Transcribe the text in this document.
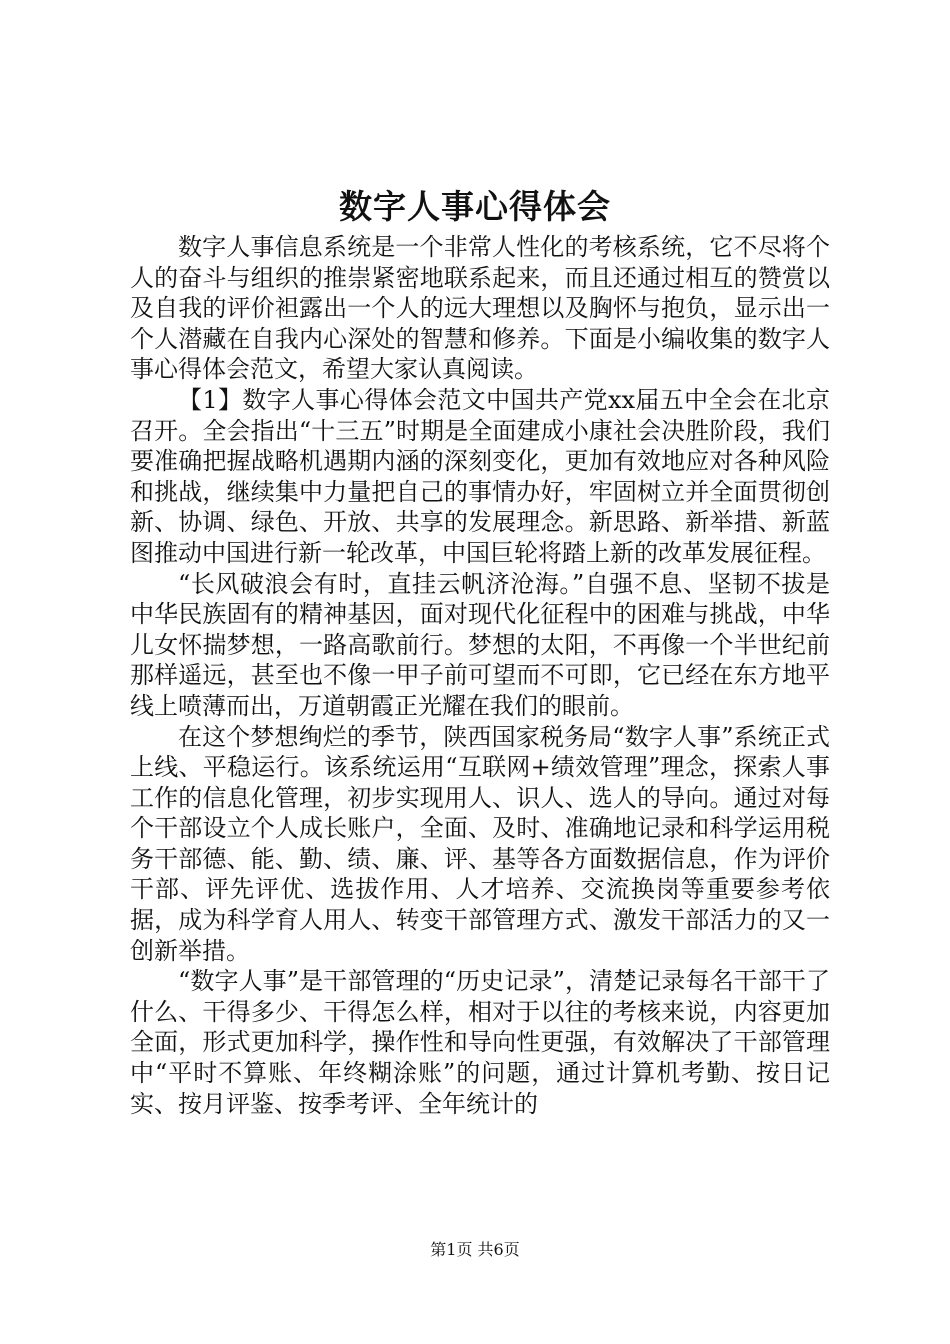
数字人事心得体会

数字人事信息系统是一个非常人性化的考核系统，它不尽将个人的奋斗与组织的推崇紧密地联系起来，而且还通过相互的赞赏以及自我的评价袒露出一个人的远大理想以及胸怀与抱负，显示出一个人潜藏在自我内心深处的智慧和修养。下面是小编收集的数字人事心得体会范文，希望大家认真阅读。

【1】数字人事心得体会范文中国共产党xx届五中全会在北京召开。全会指出“十三五”时期是全面建成小康社会决胜阶段，我们要准确把握战略机遇期内涵的深刻变化，更加有效地应对各种风险和挑战，继续集中力量把自己的事情办好，牢固树立并全面贯彻创新、协调、绿色、开放、共享的发展理念。新思路、新举措、新蓝图推动中国进行新一轮改革，中国巨轮将踏上新的改革发展征程。

“长风破浪会有时，直挂云帆济沧海。”自强不息、坚韧不拔是中华民族固有的精神基因，面对现代化征程中的困难与挑战，中华儿女怀揣梦想，一路高歌前行。梦想的太阳，不再像一个半世纪前那样遥远，甚至也不像一甲子前可望而不可即，它已经在东方地平线上喷薄而出，万道朝霞正光耀在我们的眼前。

在这个梦想绚烂的季节，陕西国家税务局“数字人事”系统正式上线、平稳运行。该系统运用“互联网+绩效管理”理念，探索人事工作的信息化管理，初步实现用人、识人、选人的导向。通过对每个干部设立个人成长账户，全面、及时、准确地记录和科学运用税务干部德、能、勤、绩、廉、评、基等各方面数据信息，作为评价干部、评先评优、选拔作用、人才培养、交流换岗等重要参考依据，成为科学育人用人、转变干部管理方式、激发干部活力的又一创新举措。

“数字人事”是干部管理的“历史记录”，清楚记录每名干部干了什么、干得多少、干得怎么样，相对于以往的考核来说，内容更加全面，形式更加科学，操作性和导向性更强，有效解决了干部管理中“平时不算账、年终糊涂账”的问题，通过计算机考勤、按日记实、按月评鉴、按季考评、全年统计的

第1页 共6页
